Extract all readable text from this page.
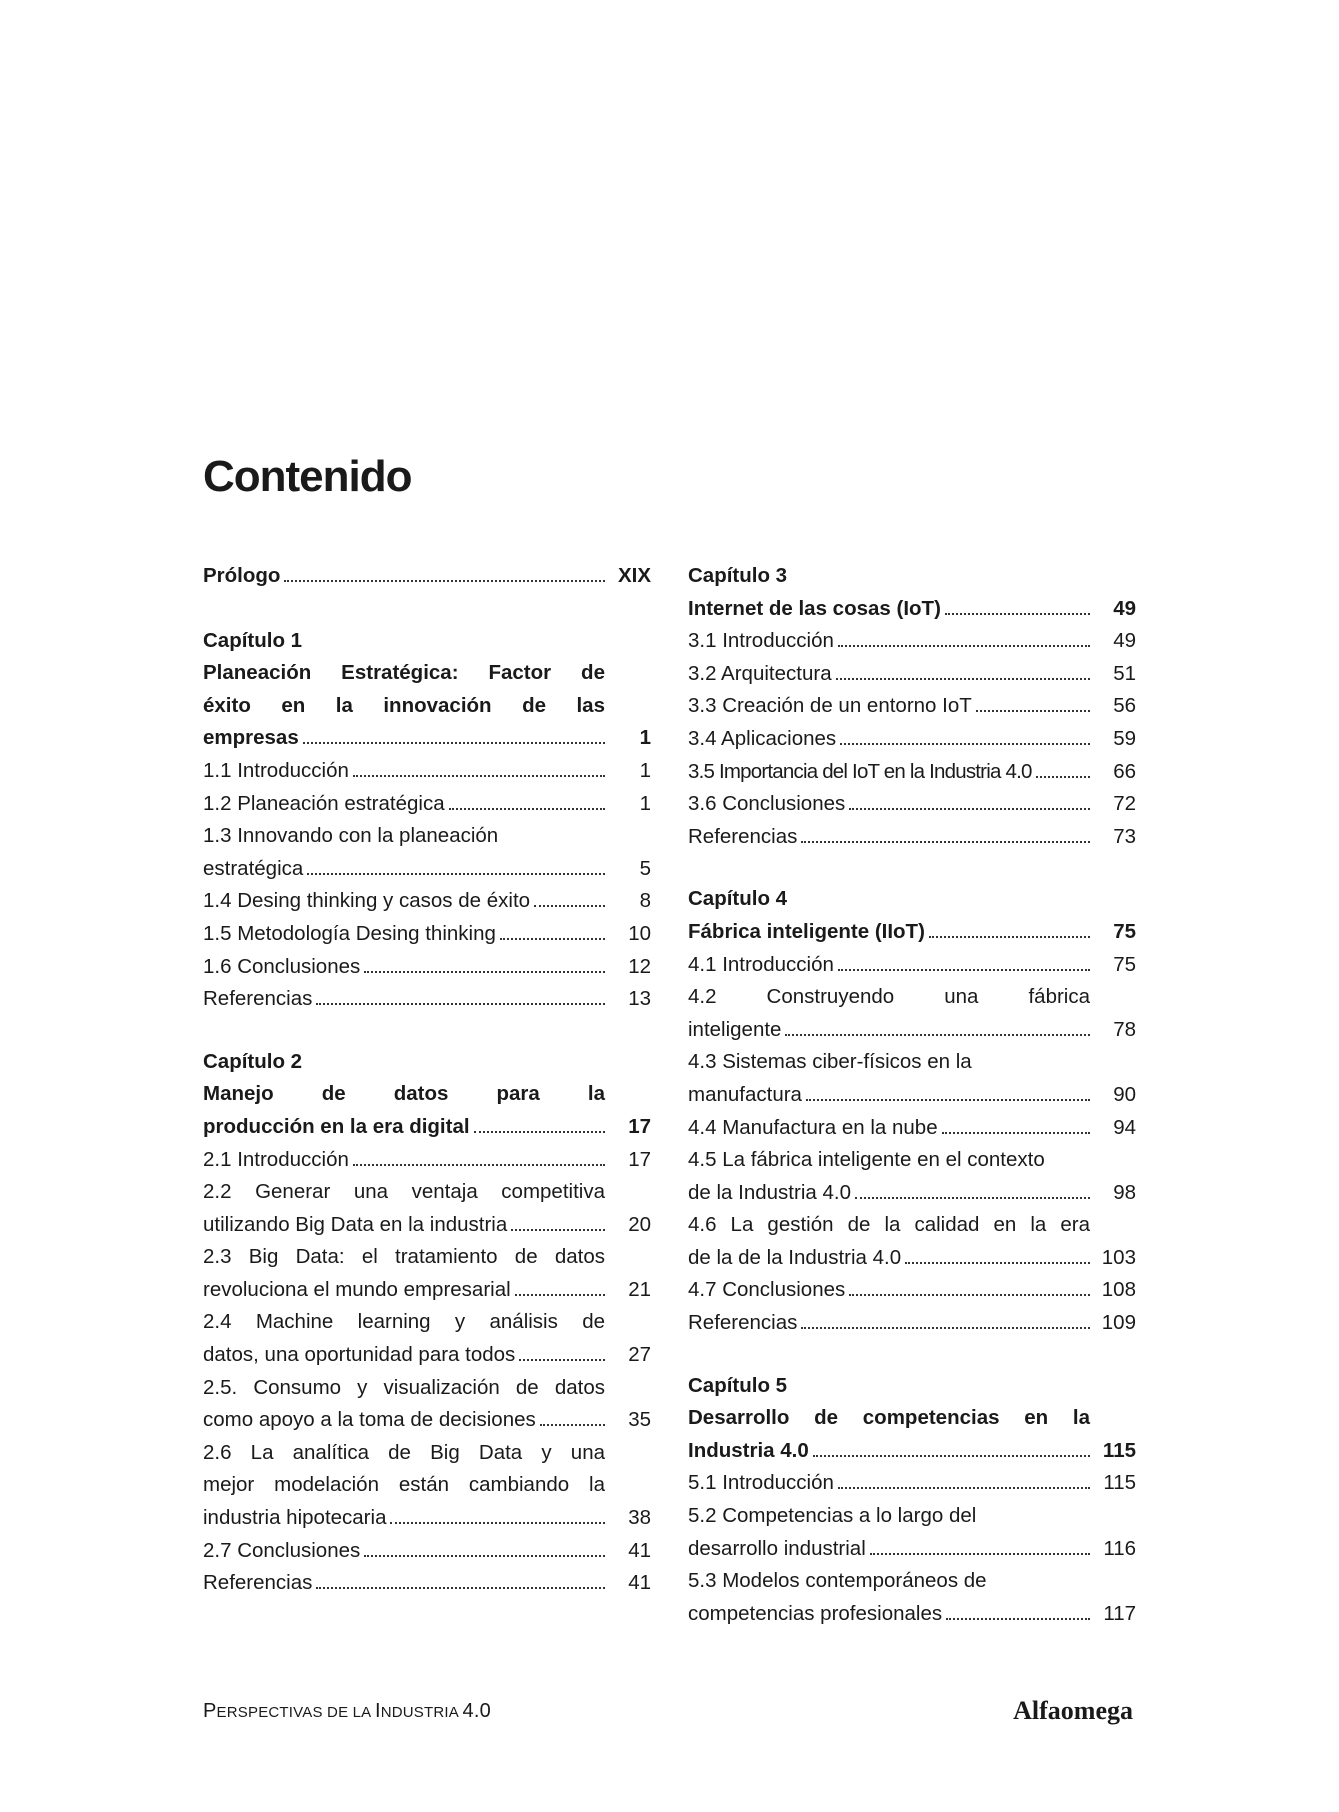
Contenido
Prólogo	XIX
Capítulo 1
Planeación Estratégica: Factor de
éxito en la innovación de las
empresas	1
1.1 Introducción	1
1.2 Planeación estratégica	1
1.3 Innovando con la planeación
estratégica	5
1.4 Desing thinking y casos de éxito	8
1.5 Metodología Desing thinking	10
1.6 Conclusiones	12
Referencias	13
Capítulo 2
Manejo de datos para la
producción en la era digital	17
2.1 Introducción	17
2.2 Generar una ventaja competitiva
utilizando Big Data en la industria	20
2.3 Big Data: el tratamiento de datos
revoluciona el mundo empresarial	21
2.4 Machine learning y análisis de
datos, una oportunidad para todos	27
2.5. Consumo y visualización de datos
como apoyo a la toma de decisiones	35
2.6 La analítica de Big Data y una
mejor modelación están cambiando la
industria hipotecaria	38
2.7 Conclusiones	41
Referencias	41
Capítulo 3
Internet de las cosas (IoT)	49
3.1 Introducción	49
3.2 Arquitectura	51
3.3 Creación de un entorno IoT	56
3.4 Aplicaciones	59
3.5 Importancia del IoT en la Industria 4.0	66
3.6 Conclusiones	72
Referencias	73
Capítulo 4
Fábrica inteligente (IIoT)	75
4.1 Introducción	75
4.2 Construyendo una fábrica
inteligente	78
4.3 Sistemas ciber-físicos en la
manufactura	90
4.4 Manufactura en la nube	94
4.5 La fábrica inteligente en el contexto
de la Industria 4.0	98
4.6 La gestión de la calidad en la era
de la de la Industria 4.0	103
4.7 Conclusiones	108
Referencias	109
Capítulo 5
Desarrollo de competencias en la
Industria 4.0	115
5.1 Introducción	115
5.2 Competencias a lo largo del
desarrollo industrial	116
5.3 Modelos contemporáneos de
competencias profesionales	117
PERSPECTIVAS DE LA INDUSTRIA 4.0	Alfaomega
